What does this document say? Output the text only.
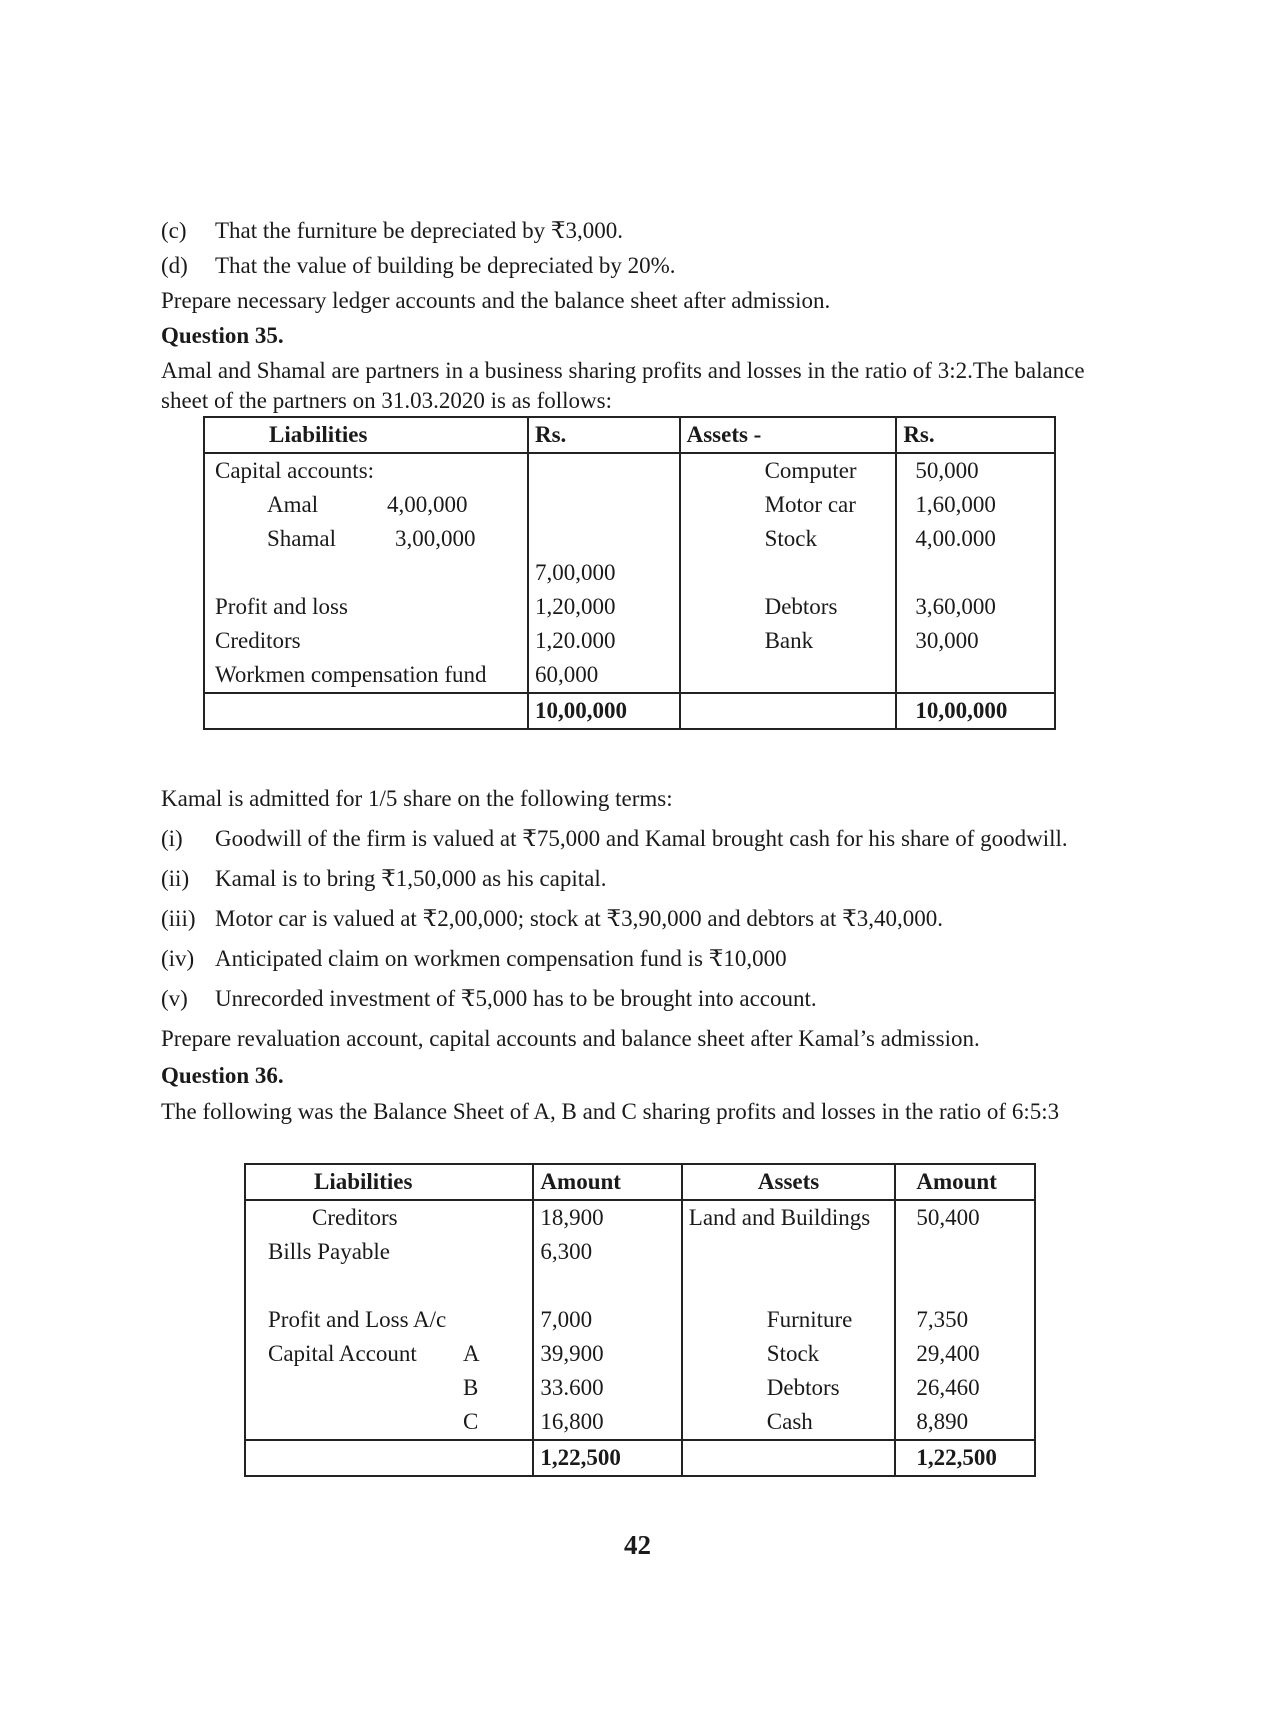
(c) That the furniture be depreciated by ₹3,000.
(d) That the value of building be depreciated by 20%.
Prepare necessary ledger accounts and the balance sheet after admission.
Question 35.
Amal and Shamal are partners in a business sharing profits and losses in the ratio of 3:2.The balance
sheet of the partners on 31.03.2020 is as follows:
Liabilities	Rs.	Assets -	Rs.
Capital accounts:		Computer	50,000
Amal 4,00,000		Motor car	1,60,000
Shamal 3,00,000		Stock	4,00.000
	7,00,000		
Profit and loss	1,20,000	Debtors	3,60,000
Creditors	1,20.000	Bank	30,000
Workmen compensation fund	60,000		
	10,00,000		10,00,000
Kamal is admitted for 1/5 share on the following terms:
(i) Goodwill of the firm is valued at ₹75,000 and Kamal brought cash for his share of goodwill.
(ii) Kamal is to bring ₹1,50,000 as his capital.
(iii) Motor car is valued at ₹2,00,000; stock at ₹3,90,000 and debtors at ₹3,40,000.
(iv) Anticipated claim on workmen compensation fund is ₹10,000
(v) Unrecorded investment of ₹5,000 has to be brought into account.
Prepare revaluation account, capital accounts and balance sheet after Kamal’s admission.
Question 36.
The following was the Balance Sheet of A, B and C sharing profits and losses in the ratio of 6:5:3
Liabilities	Amount	Assets	Amount
Creditors	18,900	Land and Buildings	50,400
Bills Payable	6,300		

Profit and Loss A/c	7,000	Furniture	7,350
Capital Account A	39,900	Stock	29,400
B	33.600	Debtors	26,460
C	16,800	Cash	8,890
	1,22,500		1,22,500
42
